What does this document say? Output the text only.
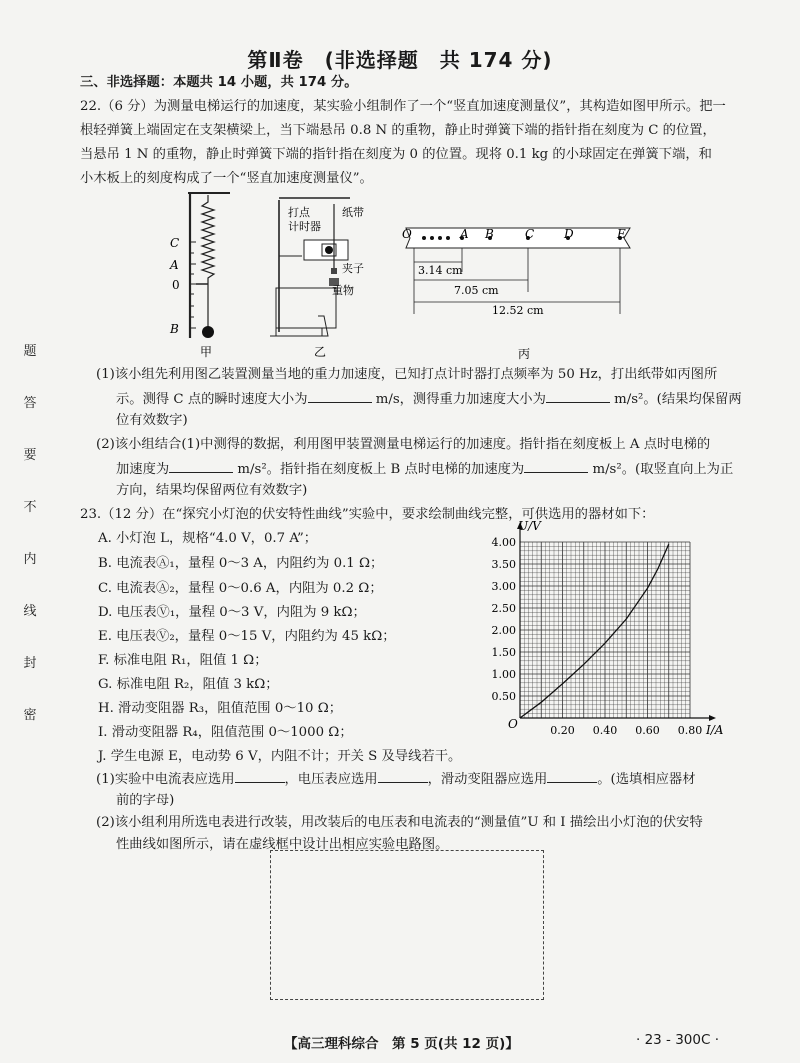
第Ⅱ卷　(非选择题　共 174 分)
三、非选择题：本题共 14 小题，共 174 分。
22.（6 分）为测量电梯运行的加速度，某实验小组制作了一个“竖直加速度测量仪”，其构造如图甲所示。把一
根轻弹簧上端固定在支架横梁上，当下端悬吊 0.8 N 的重物，静止时弹簧下端的指针指在刻度为 C 的位置，
当悬吊 1 N 的重物，静止时弹簧下端的指针指在刻度为 0 的位置。现将 0.1 kg 的小球固定在弹簧下端，和
小木板上的刻度构成了一个“竖直加速度测量仪”。
C
A
0
B
甲
打点
计时器
纸带
夹子
重物
乙
O	A B	C D	E
3.14 cm
7.05 cm
12.52 cm
丙
(1)该小组先利用图乙装置测量当地的重力加速度，已知打点计时器打点频率为 50 Hz，打出纸带如丙图所
示。测得 C 点的瞬时速度大小为	m/s，测得重力加速度大小为	m/s²。(结果均保留两
位有效数字)
(2)该小组结合(1)中测得的数据，利用图甲装置测量电梯运行的加速度。指针指在刻度板上 A 点时电梯的
加速度为	m/s²。指针指在刻度板上 B 点时电梯的加速度为	m/s²。(取竖直向上为正
方向，结果均保留两位有效数字)
23.（12 分）在“探究小灯泡的伏安特性曲线”实验中，要求绘制曲线完整，可供选用的器材如下：
A. 小灯泡 L，规格“4.0 V，0.7 A”；
B. 电流表Ⓐ₁，量程 0～3 A，内阻约为 0.1 Ω；
C. 电流表Ⓐ₂，量程 0～0.6 A，内阻为 0.2 Ω；
D. 电压表Ⓥ₁，量程 0～3 V，内阻为 9 kΩ；
E. 电压表Ⓥ₂，量程 0～15 V，内阻约为 45 kΩ；
F. 标准电阻 R₁，阻值 1 Ω；
G. 标准电阻 R₂，阻值 3 kΩ；
H. 滑动变阻器 R₃，阻值范围 0～10 Ω；
I. 滑动变阻器 R₄，阻值范围 0～1000 Ω；
J. 学生电源 E，电动势 6 V，内阻不计；开关 S 及导线若干。
0.50
1.00
1.50
2.00
2.50
3.00
3.50
4.00
0.20 0.40 0.60 0.80
U/V
I/A
O
(1)实验中电流表应选用	，电压表应选用	，滑动变阻器应选用	。(选填相应器材
前的字母)
(2)该小组利用所选电表进行改装，用改装后的电压表和电流表的“测量值”U 和 I 描绘出小灯泡的伏安特
性曲线如图所示，请在虚线框中设计出相应实验电路图。
题
答
要
不
内
线
封
密
【高三理科综合　第 5 页(共 12 页)】	· 23 - 300C ·
